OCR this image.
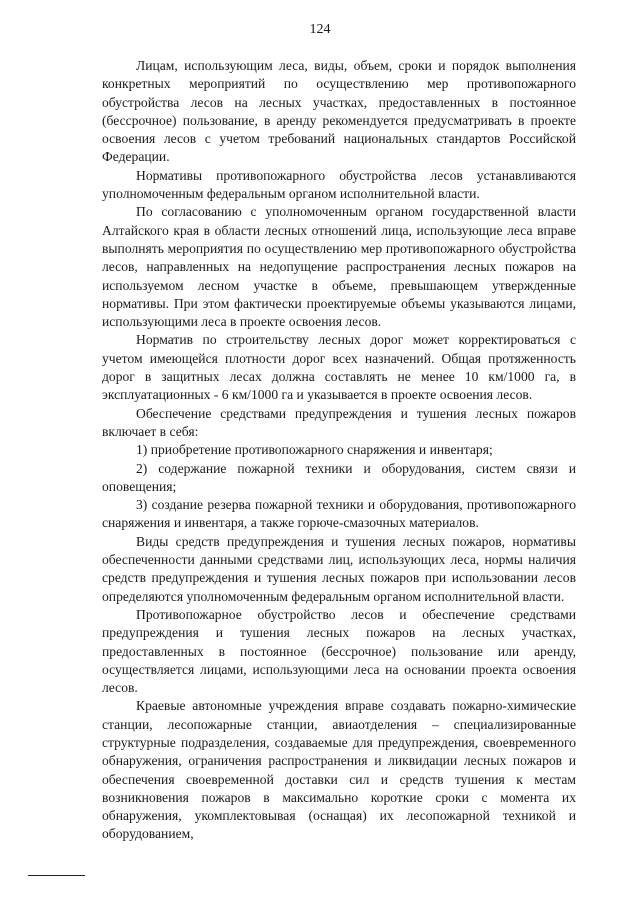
124

Лицам, использующим леса, виды, объем, сроки и порядок выполнения конкретных мероприятий по осуществлению мер противопожарного обустройства лесов на лесных участках, предоставленных в постоянное (бессрочное) пользование, в аренду рекомендуется предусматривать в проекте освоения лесов с учетом требований национальных стандартов Российской Федерации.

Нормативы противопожарного обустройства лесов устанавливаются уполномоченным федеральным органом исполнительной власти.

По согласованию с уполномоченным органом государственной власти Алтайского края в области лесных отношений лица, использующие леса вправе выполнять мероприятия по осуществлению мер противопожарного обустройства лесов, направленных на недопущение распространения лесных пожаров на используемом лесном участке в объеме, превышающем утвержденные нормативы. При этом фактически проектируемые объемы указываются лицами, использующими леса в проекте освоения лесов.

Норматив по строительству лесных дорог может корректироваться с учетом имеющейся плотности дорог всех назначений. Общая протяженность дорог в защитных лесах должна составлять не менее 10 км/1000 га, в эксплуатационных - 6 км/1000 га и указывается в проекте освоения лесов.

Обеспечение средствами предупреждения и тушения лесных пожаров включает в себя:

1) приобретение противопожарного снаряжения и инвентаря;

2) содержание пожарной техники и оборудования, систем связи и оповещения;

3) создание резерва пожарной техники и оборудования, противопожарного снаряжения и инвентаря, а также горюче-смазочных материалов.

Виды средств предупреждения и тушения лесных пожаров, нормативы обеспеченности данными средствами лиц, использующих леса, нормы наличия средств предупреждения и тушения лесных пожаров при использовании лесов определяются уполномоченным федеральным органом исполнительной власти.

Противопожарное обустройство лесов и обеспечение средствами предупреждения и тушения лесных пожаров на лесных участках, предоставленных в постоянное (бессрочное) пользование или аренду, осуществляется лицами, использующими леса на основании проекта освоения лесов.

Краевые автономные учреждения вправе создавать пожарно-химические станции, лесопожарные станции, авиаотделения – специализированные структурные подразделения, создаваемые для предупреждения, своевременного обнаружения, ограничения распространения и ликвидации лесных пожаров и обеспечения своевременной доставки сил и средств тушения к местам возникновения пожаров в максимально короткие сроки с момента их обнаружения, укомплектовывая (оснащая) их лесопожарной техникой и оборудованием,
